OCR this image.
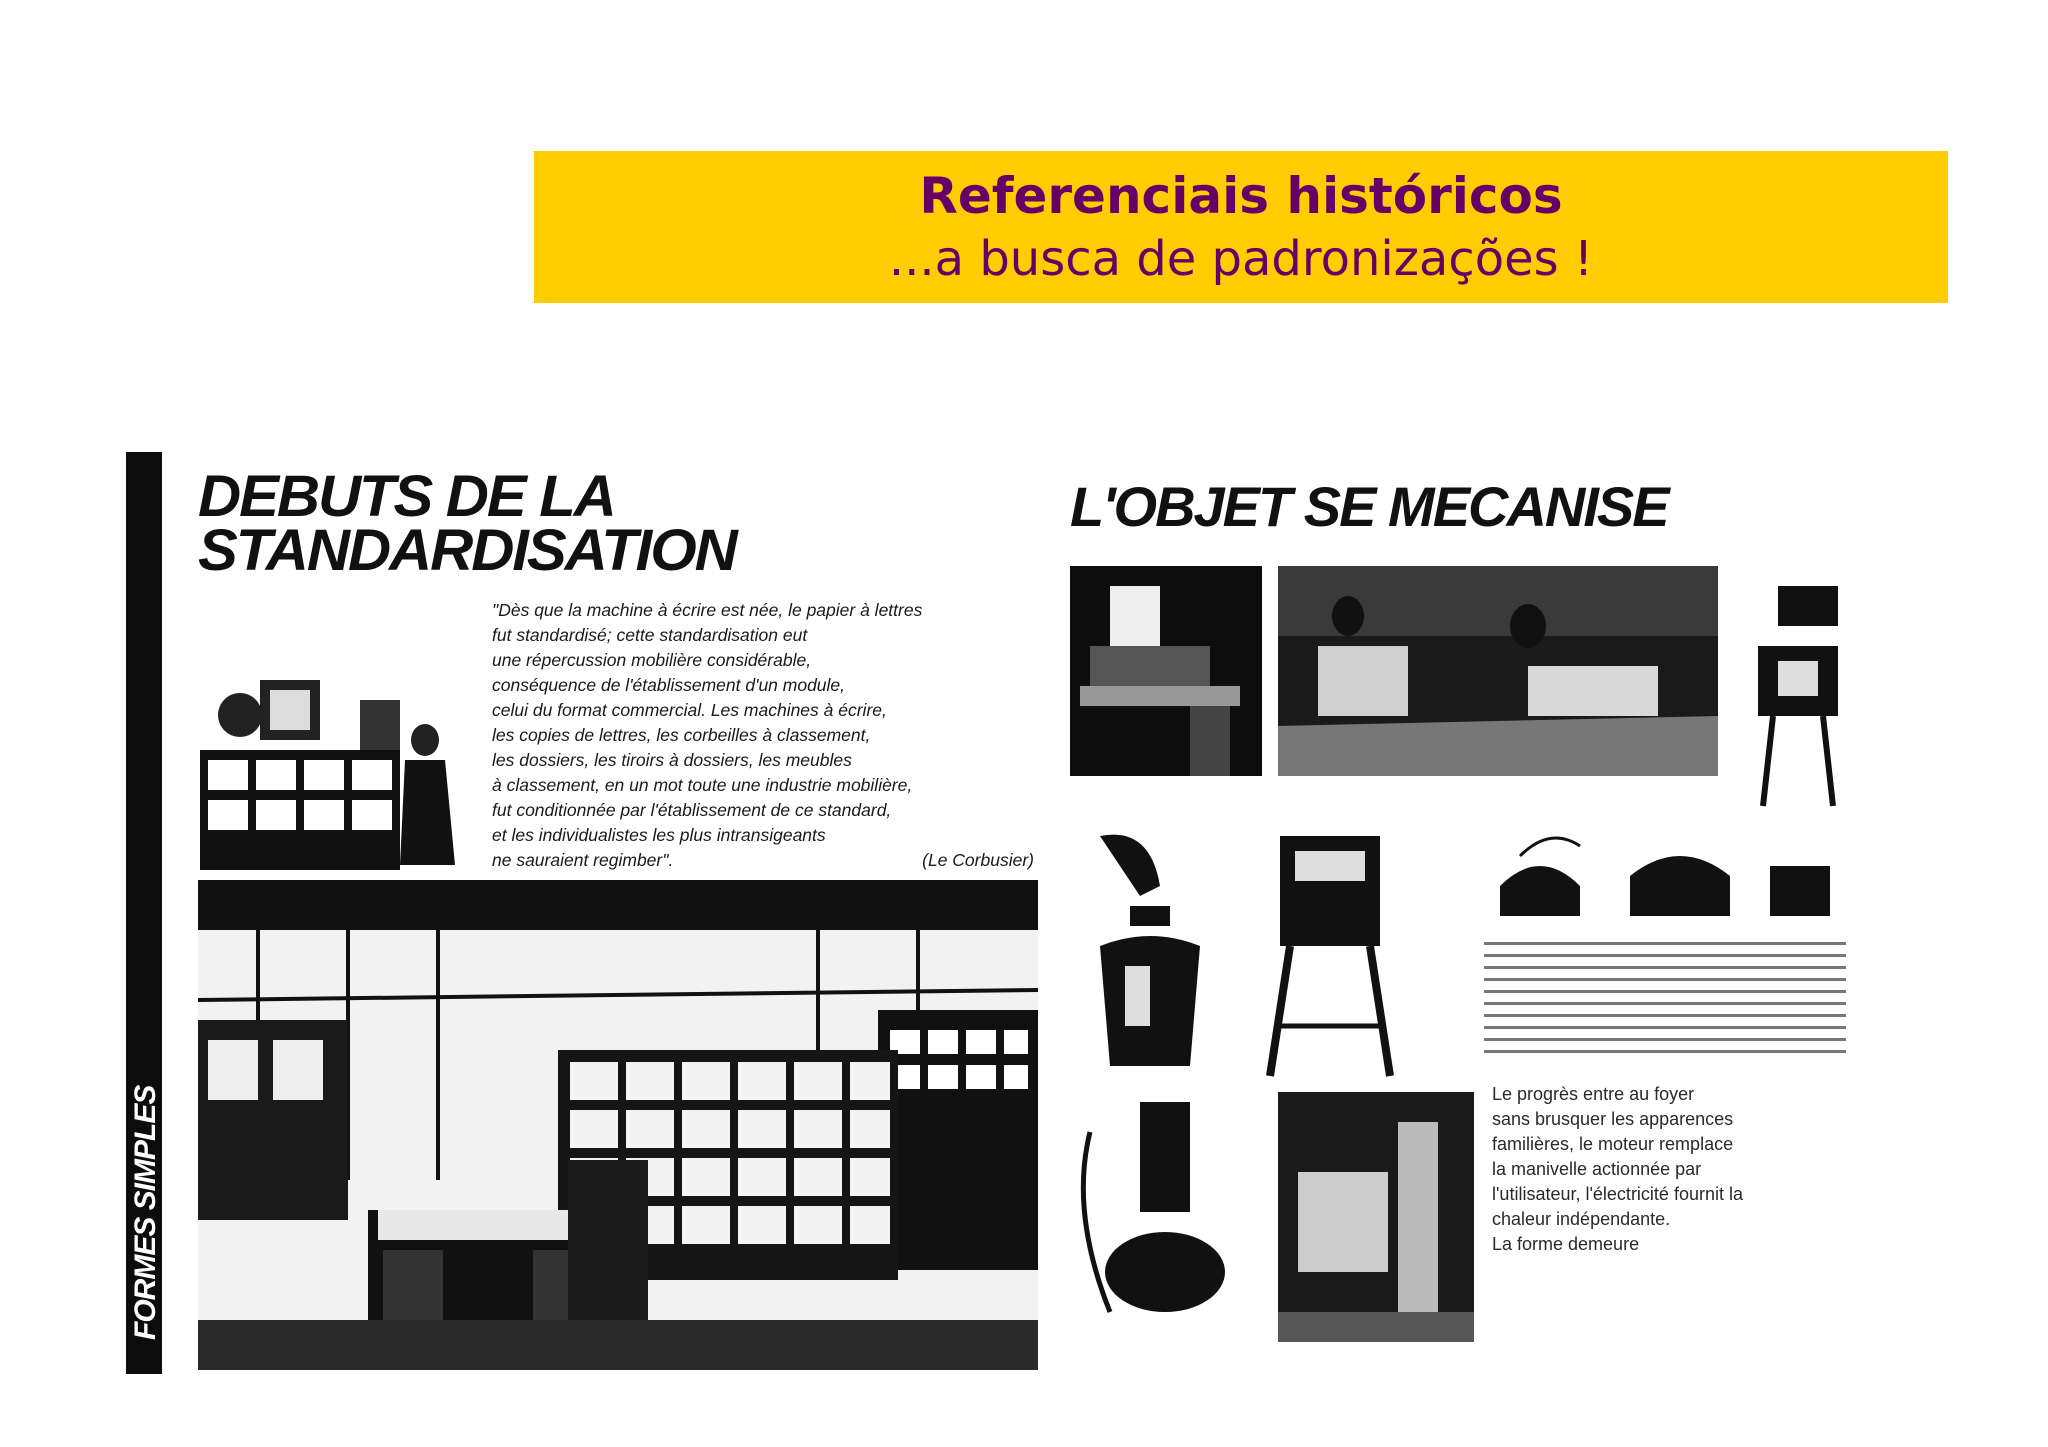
Referenciais históricos
...a busca de padronizações !
FORMES SIMPLES
DEBUTS DE LA
STANDARDISATION
"Dès que la machine à écrire est née, le papier à lettres
fut standardisé; cette standardisation eut
une répercussion mobilière considérable,
conséquence de l'établissement d'un module,
celui du format commercial. Les machines à écrire,
les copies de lettres, les corbeilles à classement,
les dossiers, les tiroirs à dossiers, les meubles
à classement, en un mot toute une industrie mobilière,
fut conditionnée par l'établissement de ce standard,
et les individualistes les plus intransigeants
ne sauraient regimber".	(Le Corbusier)
L'OBJET SE MECANISE
Le progrès entre au foyer
sans brusquer les apparences
familières, le moteur remplace
la manivelle actionnée par
l'utilisateur, l'électricité fournit la
chaleur indépendante.
La forme demeure
